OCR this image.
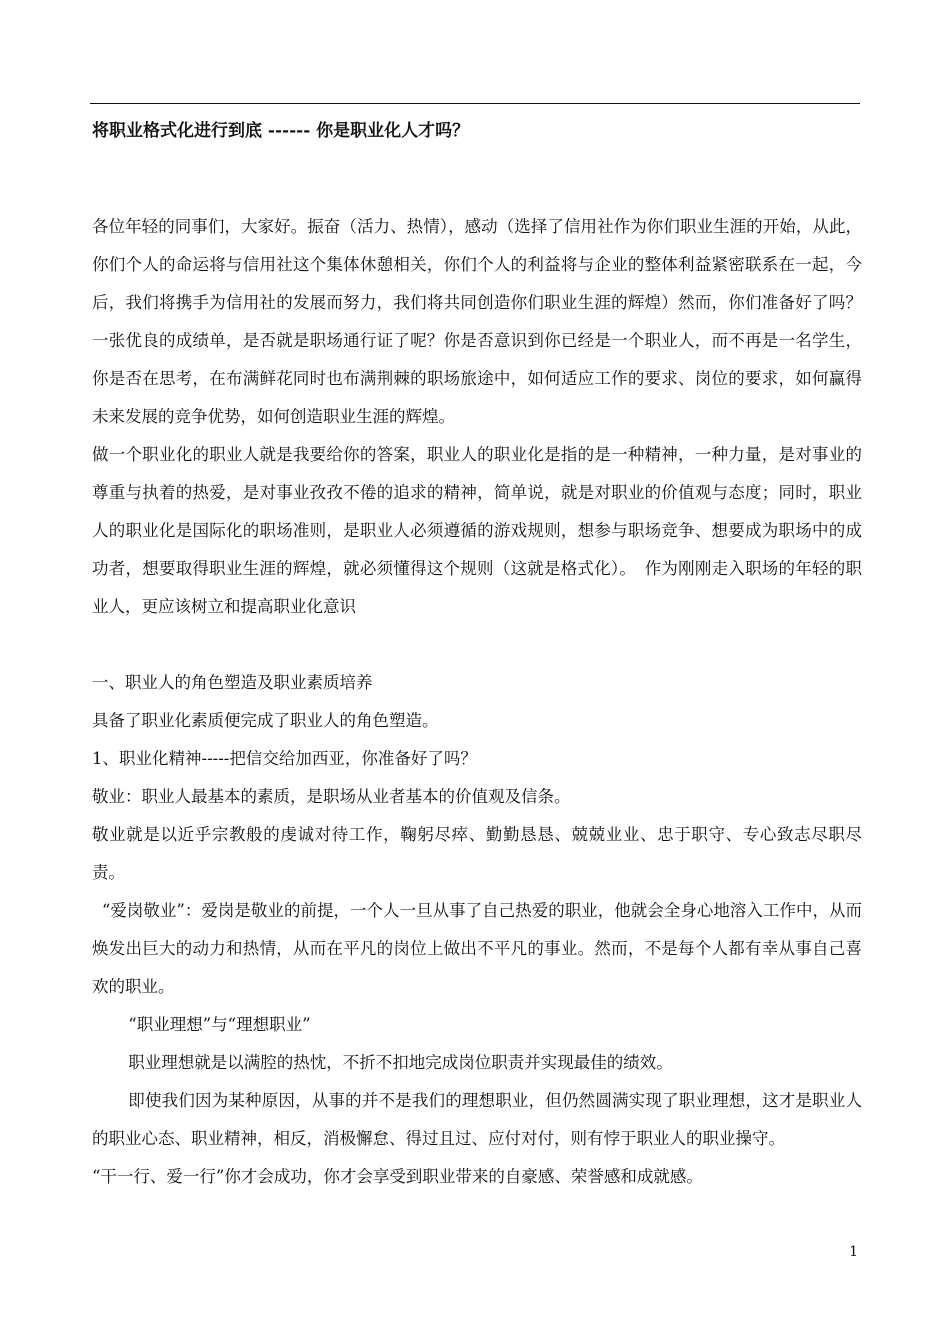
将职业格式化进行到底 ------ 你是职业化人才吗？

各位年轻的同事们，大家好。振奋（活力、热情），感动（选择了信用社作为你们职业生涯的开始，从此，你们个人的命运将与信用社这个集体休憩相关，你们个人的利益将与企业的整体利益紧密联系在一起，今后，我们将携手为信用社的发展而努力，我们将共同创造你们职业生涯的辉煌）然而，你们准备好了吗？一张优良的成绩单，是否就是职场通行证了呢？你是否意识到你已经是一个职业人，而不再是一名学生，你是否在思考，在布满鲜花同时也布满荆棘的职场旅途中，如何适应工作的要求、岗位的要求，如何赢得未来发展的竞争优势，如何创造职业生涯的辉煌。

做一个职业化的职业人就是我要给你的答案，职业人的职业化是指的是一种精神，一种力量，是对事业的尊重与执着的热爱，是对事业孜孜不倦的追求的精神，简单说，就是对职业的价值观与态度；同时，职业人的职业化是国际化的职场准则，是职业人必须遵循的游戏规则，想参与职场竞争、想要成为职场中的成功者，想要取得职业生涯的辉煌，就必须懂得这个规则（这就是格式化）。　作为刚刚走入职场的年轻的职业人，更应该树立和提高职业化意识

一、职业人的角色塑造及职业素质培养

具备了职业化素质便完成了职业人的角色塑造。

1、职业化精神-----把信交给加西亚，你准备好了吗？

敬业：职业人最基本的素质，是职场从业者基本的价值观及信条。

敬业就是以近乎宗教般的虔诚对待工作，鞠躬尽瘁、勤勤恳恳、兢兢业业、忠于职守、专心致志尽职尽责。

“爱岗敬业”：爱岗是敬业的前提，一个人一旦从事了自己热爱的职业，他就会全身心地溶入工作中，从而焕发出巨大的动力和热情，从而在平凡的岗位上做出不平凡的事业。然而，不是每个人都有幸从事自己喜欢的职业。

“职业理想”与“理想职业”

职业理想就是以满腔的热忱，不折不扣地完成岗位职责并实现最佳的绩效。

即使我们因为某种原因，从事的并不是我们的理想职业，但仍然圆满实现了职业理想，这才是职业人的职业心态、职业精神，相反，消极懈怠、得过且过、应付对付，则有悖于职业人的职业操守。

“干一行、爱一行”你才会成功，你才会享受到职业带来的自豪感、荣誉感和成就感。

1
